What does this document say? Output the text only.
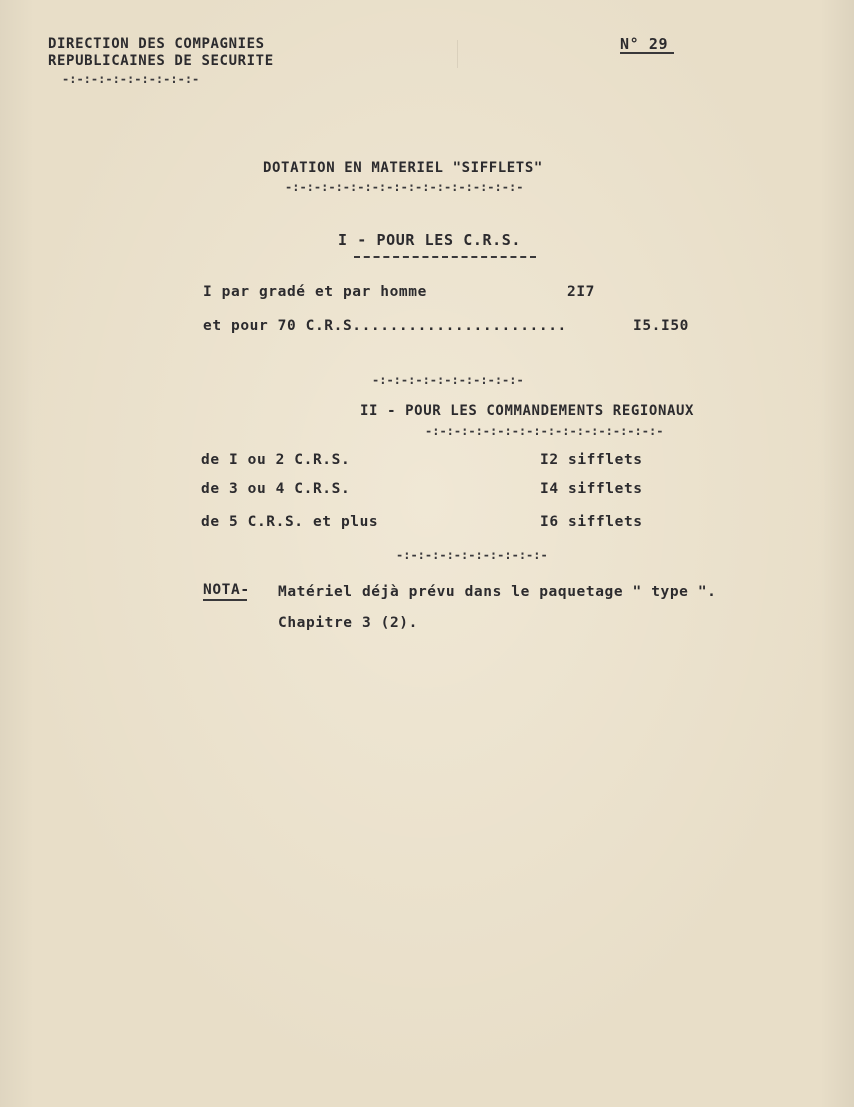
DIRECTION DES COMPAGNIES

REPUBLICAINES DE SECURITE

-:-:-:-:-:-:-:-:-:-

N° 29

DOTATION EN MATERIEL "SIFFLETS"

-:-:-:-:-:-:-:-:-:-:-:-:-:-:-:-:-

I - POUR LES C.R.S.

I par gradé et par homme	2I7

et pour 70 C.R.S.......................	I5.I50

-:-:-:-:-:-:-:-:-:-:-

II - POUR LES COMMANDEMENTS REGIONAUX

-:-:-:-:-:-:-:-:-:-:-:-:-:-:-:-:-

de I ou 2 C.R.S.	I2 sifflets

de 3 ou 4 C.R.S.	I4 sifflets

de 5 C.R.S. et plus	I6 sifflets

-:-:-:-:-:-:-:-:-:-:-

NOTA- Matériel déjà prévu dans le paquetage " type ".

Chapitre 3 (2).
